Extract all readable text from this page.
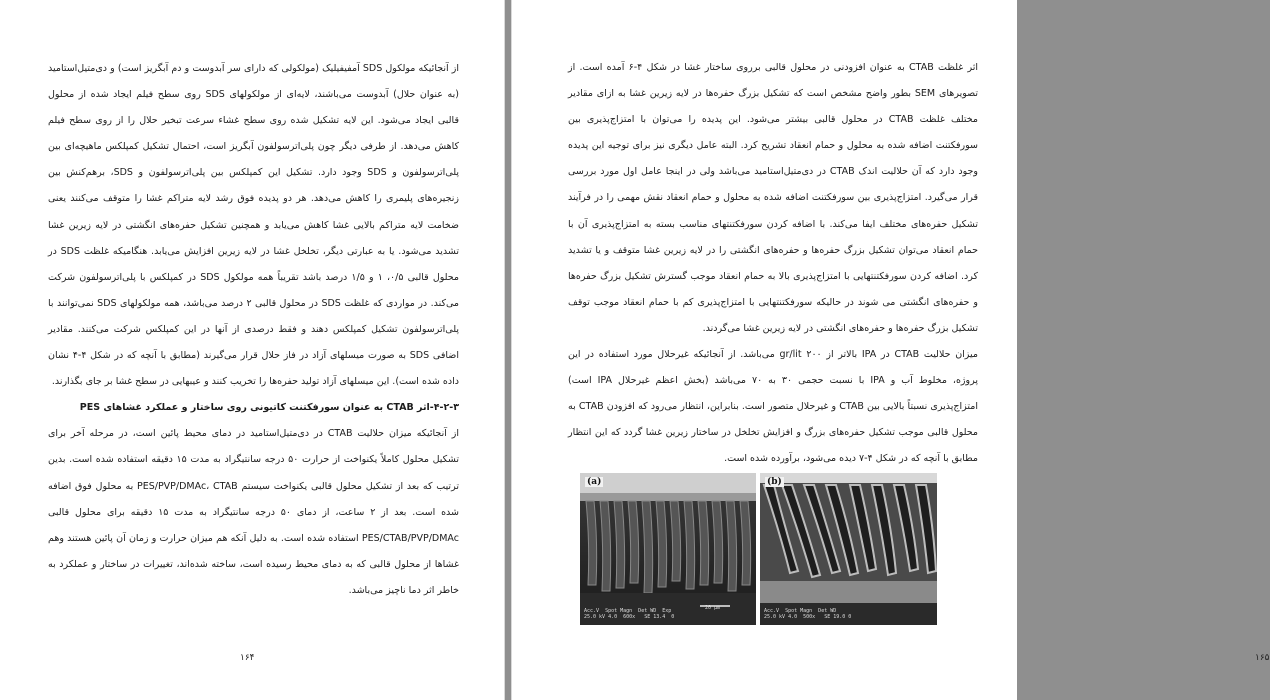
از آنجائیکه مولکول SDS آمفیفیلیک (مولکولی که دارای سر آبدوست و دم آبگریز است) و دی‌متیل‌استامید (به عنوان حلال) آبدوست می‌باشند، لایه‌ای از مولکولهای SDS روی سطح فیلم ایجاد شده از محلول قالبی ایجاد می‌شود. این لایه تشکیل شده روی سطح غشاء سرعت تبخیر حلال را از روی سطح فیلم کاهش می‌دهد. از طرفی دیگر چون پلی‌اترسولفون آبگریز است، احتمال تشکیل کمپلکس ماهیچه‌ای بین پلی‌اترسولفون و SDS وجود دارد. تشکیل این کمپلکس بین پلی‌اترسولفون و SDS، برهم‌کنش بین زنجیره‌های پلیمری را کاهش می‌دهد. هر دو پدیده فوق رشد لایه متراکم غشا را متوقف می‌کنند یعنی ضخامت لایه متراکم بالایی غشا کاهش می‌یابد و همچنین تشکیل حفره‌های انگشتی در لایه زیرین غشا تشدید می‌شود. یا به عبارتی دیگر، تخلخل غشا در لایه زیرین افزایش می‌یابد. هنگامیکه غلظت SDS در محلول قالبی ۰/۵، ۱ و ۱/۵ درصد باشد تقریباً همه مولکول SDS در کمپلکس با پلی‌اترسولفون شرکت می‌کند. در مواردی که غلظت SDS در محلول قالبی ۲ درصد می‌باشد، همه مولکولهای SDS نمی‌توانند با پلی‌اترسولفون تشکیل کمپلکس دهند و فقط درصدی از آنها در این کمپلکس شرکت می‌کنند. مقادیر اضافی SDS به صورت میسلهای آزاد در فاز حلال قرار می‌گیرند (مطابق با آنچه که در شکل ۴-۴ نشان داده شده است). این میسلهای آزاد تولید حفره‌ها را تخریب کنند و عیبهایی در سطح غشا بر جای بگذارند.

۴-۲-۳-اثر CTAB به عنوان سورفکتنت کاتیونی روی ساختار و عملکرد غشاهای PES

از آنجائیکه میزان حلالیت CTAB در دی‌متیل‌استامید در دمای محیط پائین است، در مرحله آخر برای تشکیل محلول کاملاً یکنواخت از حرارت ۵۰ درجه سانتیگراد به مدت ۱۵ دقیقه استفاده شده است. بدین ترتیب که بعد از تشکیل محلول قالبی یکنواخت سیستم PES/PVP/DMAc، CTAB به محلول فوق اضافه شده است. بعد از ۲ ساعت، از دمای ۵۰ درجه سانتیگراد به مدت ۱۵ دقیقه برای محلول قالبی PES/CTAB/PVP/DMAc استفاده شده است. به دلیل آنکه هم میزان حرارت و زمان آن پائین هستند وهم غشاها از محلول قالبی که به دمای محیط رسیده است، ساخته شده‌اند، تغییرات در ساختار و عملکرد به خاطر اثر دما ناچیز می‌باشد.

۱۶۴

اثر غلظت CTAB به عنوان افزودنی در محلول قالبی برروی ساختار غشا در شکل ۴-۶ آمده است. از تصویرهای SEM بطور واضح مشخص است که تشکیل بزرگ حفره‌ها در لایه زیرین غشا به ازای مقادیر مختلف غلظت CTAB در محلول قالبی بیشتر می‌شود. این پدیده را می‌توان با امتزاج‌پذیری بین سورفکتنت اضافه شده به محلول و حمام انعقاد تشریح کرد. البته عامل دیگری نیز برای توجیه این پدیده وجود دارد که آن حلالیت اندک CTAB در دی‌متیل‌استامید می‌باشد ولی در اینجا عامل اول مورد بررسی قرار می‌گیرد. امتزاج‌پذیری بین سورفکتنت اضافه شده به محلول و حمام انعقاد نقش مهمی را در فرآیند تشکیل حفره‌های مختلف ایفا می‌کند. با اضافه کردن سورفکتنتهای مناسب بسته به امتزاج‌پذیری آن با حمام انعقاد می‌توان تشکیل بزرگ حفره‌ها و حفره‌های انگشتی را در لایه زیرین غشا متوقف و یا تشدید کرد. اضافه کردن سورفکتنتهایی با امتزاج‌پذیری بالا به حمام انعقاد موجب گسترش تشکیل بزرگ حفره‌ها و حفره‌های انگشتی می شوند در حالیکه سورفکتنتهایی با امتزاج‌پذیری کم با حمام انعقاد موجب توقف تشکیل بزرگ حفره‌ها و حفره‌های انگشتی در لایه زیرین غشا می‌گردند.

میزان حلالیت CTAB در IPA بالاتر از ۲۰۰ gr/lit می‌باشد. از آنجائیکه غیرحلال مورد استفاده در این پروژه، مخلوط آب و IPA با نسبت حجمی ۳۰ به ۷۰ می‌باشد (بخش اعظم غیرحلال IPA است) امتزاج‌پذیری نسبتاً بالایی بین CTAB و غیرحلال متصور است. بنابراین، انتظار می‌رود که افزودن CTAB به محلول قالبی موجب تشکیل حفره‌های بزرگ و افزایش تخلخل در ساختار زیرین غشا گردد که این انتظار مطابق با آنچه که در شکل ۴-۷ دیده می‌شود، برآورده شده است.

۱۶۵
(a)
Acc.V  Spot Magn  Det WD  Exp
25.0 kV 4.0  600x   SE 13.4  0
20 µm
(b)
Acc.V  Spot Magn  Det WD
25.0 kV 4.0  500x   SE 19.0 0
